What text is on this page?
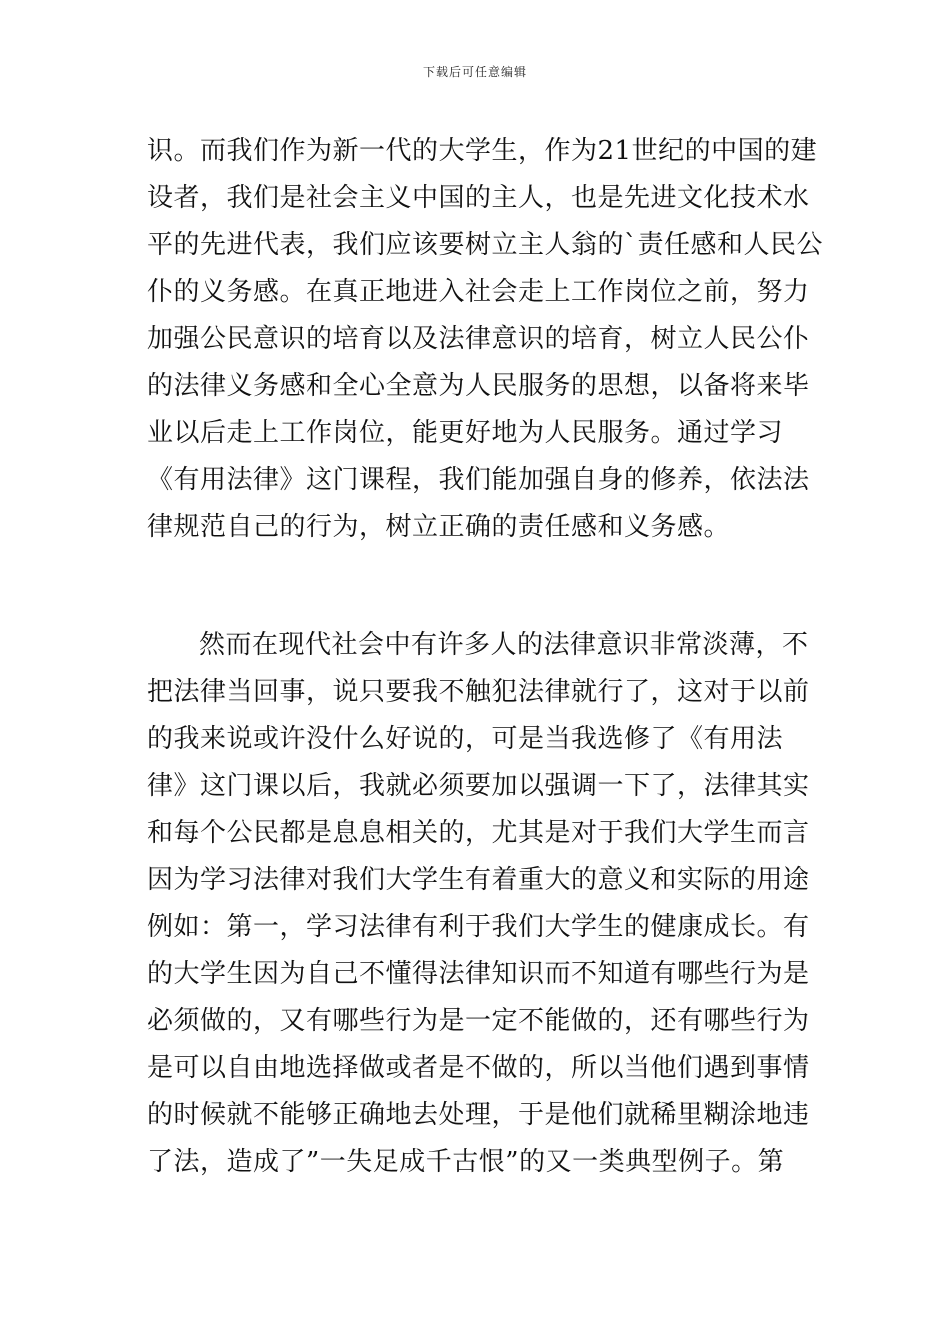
下载后可任意编辑
识。而我们作为新一代的大学生，作为21世纪的中国的建
设者，我们是社会主义中国的主人，也是先进文化技术水
平的先进代表，我们应该要树立主人翁的`责任感和人民公
仆的义务感。在真正地进入社会走上工作岗位之前，努力
加强公民意识的培育以及法律意识的培育，树立人民公仆
的法律义务感和全心全意为人民服务的思想，以备将来毕
业以后走上工作岗位，能更好地为人民服务。通过学习
《有用法律》这门课程，我们能加强自身的修养，依法法
律规范自己的行为，树立正确的责任感和义务感。
然而在现代社会中有许多人的法律意识非常淡薄，不
把法律当回事，说只要我不触犯法律就行了，这对于以前
的我来说或许没什么好说的，可是当我选修了《有用法
律》这门课以后，我就必须要加以强调一下了，法律其实
和每个公民都是息息相关的，尤其是对于我们大学生而言
因为学习法律对我们大学生有着重大的意义和实际的用途
例如：第一，学习法律有利于我们大学生的健康成长。有
的大学生因为自己不懂得法律知识而不知道有哪些行为是
必须做的，又有哪些行为是一定不能做的，还有哪些行为
是可以自由地选择做或者是不做的，所以当他们遇到事情
的时候就不能够正确地去处理，于是他们就稀里糊涂地违
了法，造成了”一失足成千古恨”的又一类典型例子。第
